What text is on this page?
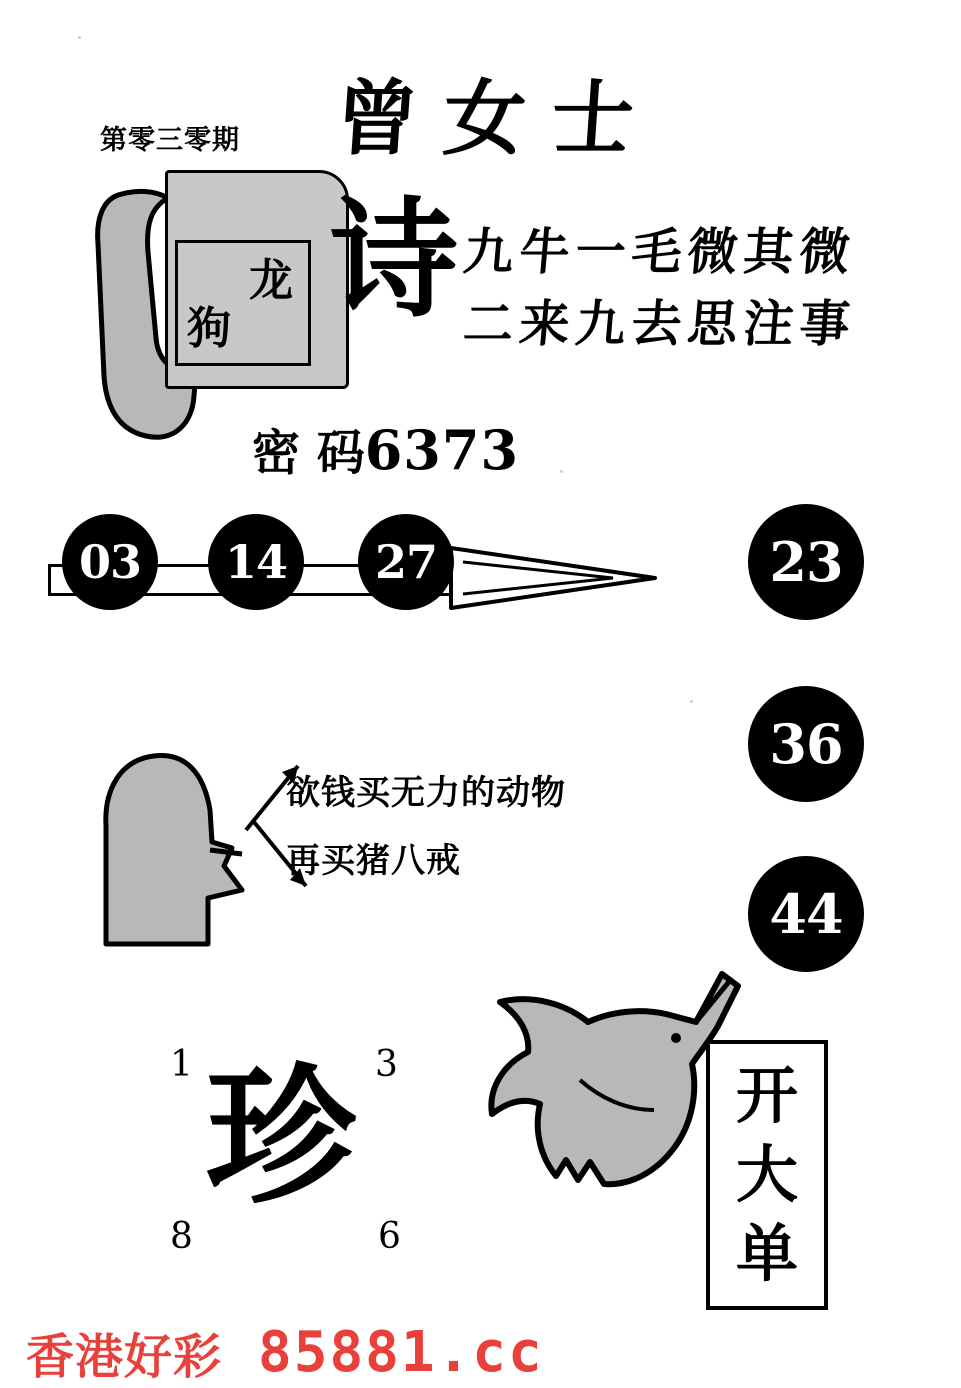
第零三零期 曾女士
龙
狗 诗 九牛一毛微其微
二来九去思注事
密 码6373
03	14	27	23
36
44
欲钱买无力的动物
再买猪八戒
1	3
8	6
珍	开
大
单
香港好彩 85881.cc
